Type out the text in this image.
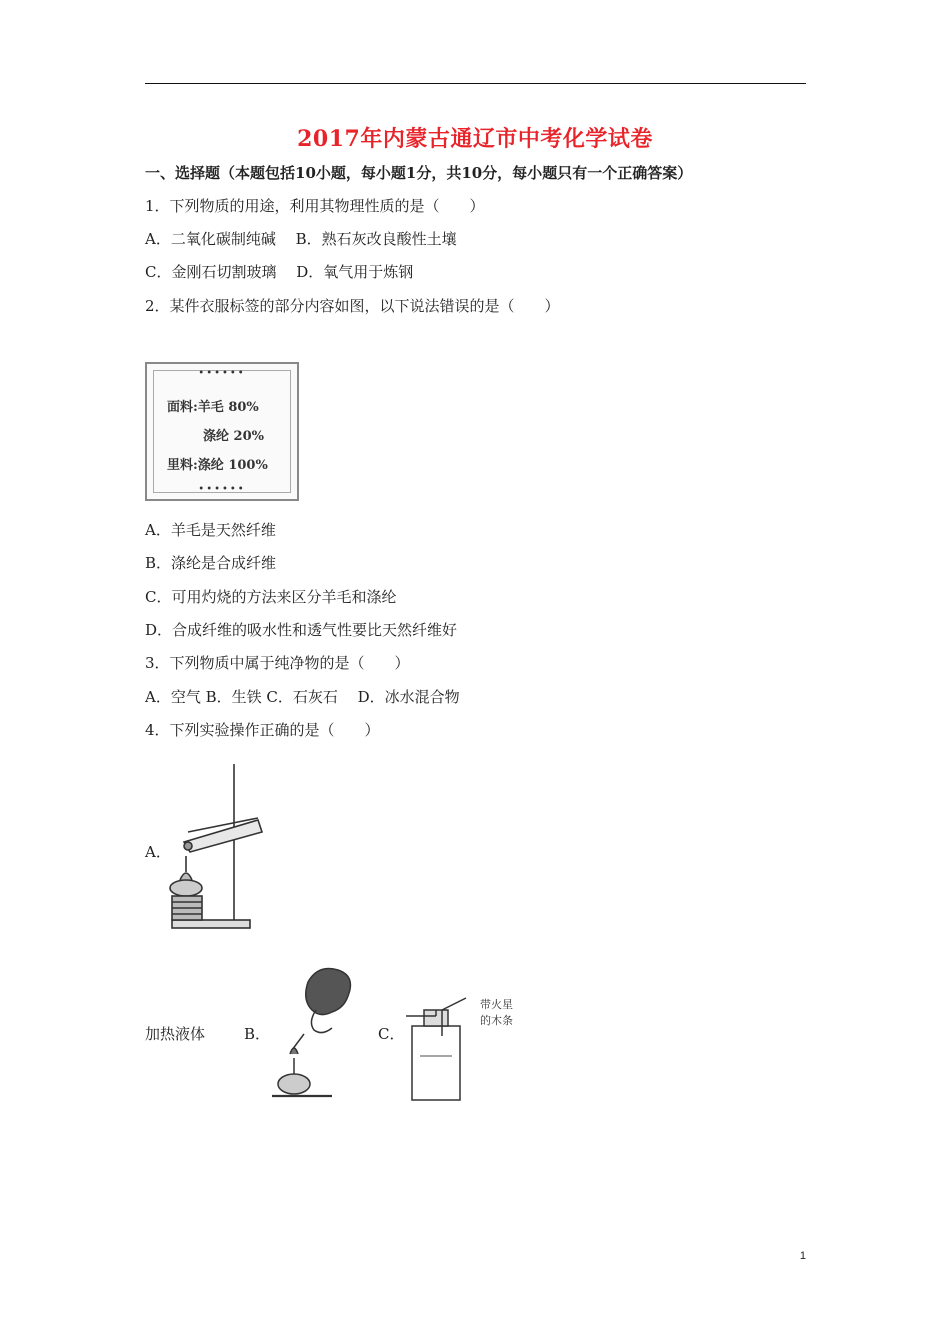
2017年内蒙古通辽市中考化学试卷
一、选择题（本题包括10小题，每小题1分，共10分，每小题只有一个正确答案）
1．下列物质的用途，利用其物理性质的是（　　）
A．二氧化碳制纯碱　 B．熟石灰改良酸性土壤
C．金刚石切割玻璃　 D．氧气用于炼钢
2．某件衣服标签的部分内容如图，以下说法错误的是（　　）
••••••
面料:羊毛 80%
涤纶 20%
里料:涤纶 100%
••••••
A．羊毛是天然纤维
B．涤纶是合成纤维
C．可用灼烧的方法来区分羊毛和涤纶
D．合成纤维的吸水性和透气性要比天然纤维好
3．下列物质中属于纯净物的是（　　）
A．空气 B．生铁 C．石灰石　 D．冰水混合物
4．下列实验操作正确的是（　　）
A．
加热液体	B．	C．
带火星
的木条
1
